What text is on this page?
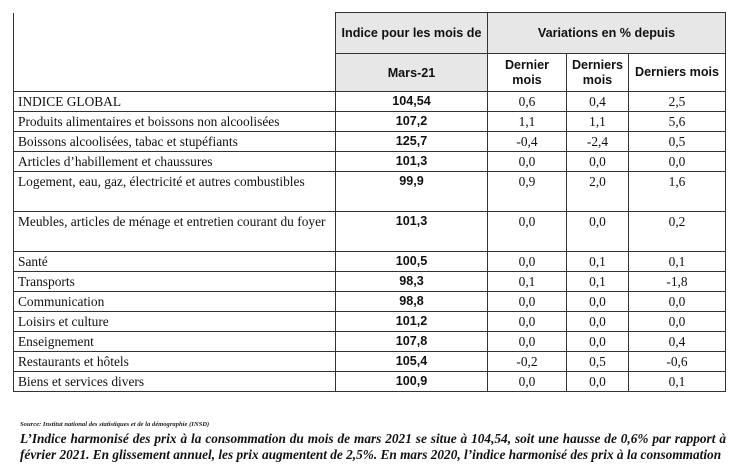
	Indice pour les mois de	Variations en % depuis		
	Mars-21	Dernier mois	Derniers mois	Derniers mois
INDICE GLOBAL	104,54	0,6	0,4	2,5
Produits alimentaires et boissons non alcoolisées	107,2	1,1	1,1	5,6
Boissons alcoolisées, tabac et stupéfiants	125,7	-0,4	-2,4	0,5
Articles d’habillement et chaussures	101,3	0,0	0,0	0,0
Logement, eau, gaz, électricité et autres combustibles	99,9	0,9	2,0	1,6
Meubles, articles de ménage et entretien courant du foyer	101,3	0,0	0,0	0,2
Santé	100,5	0,0	0,1	0,1
Transports	98,3	0,1	0,1	-1,8
Communication	98,8	0,0	0,0	0,0
Loisirs et culture	101,2	0,0	0,0	0,0
Enseignement	107,8	0,0	0,0	0,4
Restaurants et hôtels	105,4	-0,2	0,5	-0,6
Biens et services divers	100,9	0,0	0,0	0,1
Source: Institut national des statistiques et de la démographie (INSD)
L’Indice harmonisé des prix à la consommation du mois de mars 2021 se situe à 104,54, soit une hausse de 0,6% par rapport à février 2021. En glissement annuel, les prix augmentent de 2,5%. En mars 2020, l’indice harmonisé des prix à la consommation
